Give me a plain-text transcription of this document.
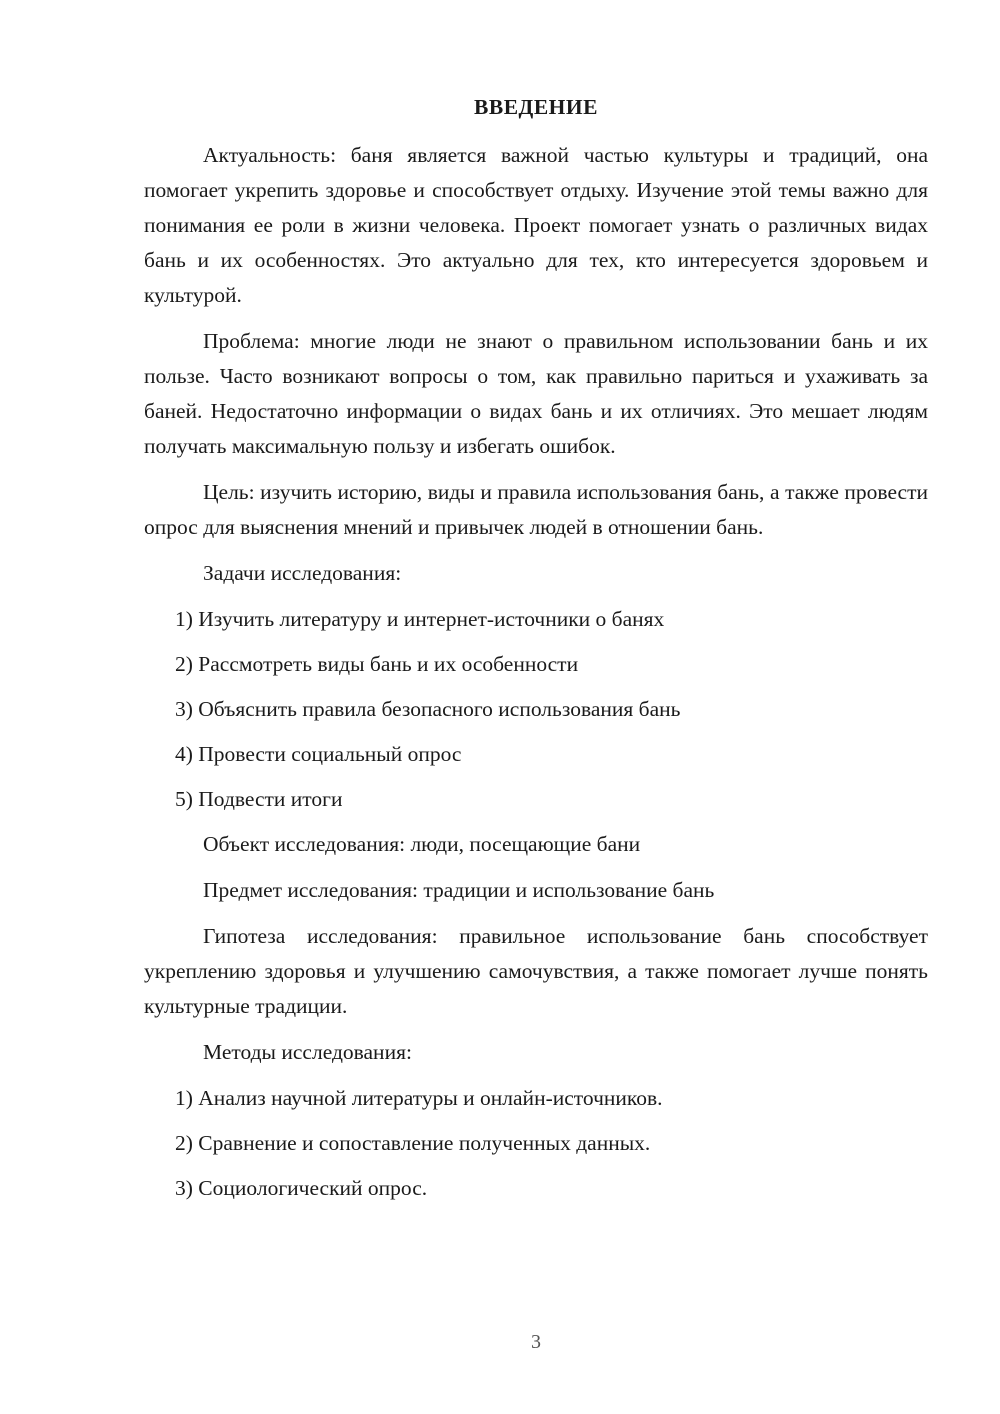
ВВЕДЕНИЕ

Актуальность: баня является важной частью культуры и традиций, она помогает укрепить здоровье и способствует отдыху. Изучение этой темы важно для понимания ее роли в жизни человека. Проект помогает узнать о различных видах бань и их особенностях. Это актуально для тех, кто интересуется здоровьем и культурой.

Проблема: многие люди не знают о правильном использовании бань и их пользе. Часто возникают вопросы о том, как правильно париться и ухаживать за баней. Недостаточно информации о видах бань и их отличиях. Это мешает людям получать максимальную пользу и избегать ошибок.

Цель: изучить историю, виды и правила использования бань, а также провести опрос для выяснения мнений и привычек людей в отношении бань.

Задачи исследования:
1) Изучить литературу и интернет-источники о банях
2) Рассмотреть виды бань и их особенности
3) Объяснить правила безопасного использования бань
4) Провести социальный опрос
5) Подвести итоги
Объект исследования: люди, посещающие бани
Предмет исследования: традиции и использование бань

Гипотеза исследования: правильное использование бань способствует укреплению здоровья и улучшению самочувствия, а также помогает лучше понять культурные традиции.

Методы исследования:
1) Анализ научной литературы и онлайн-источников.
2) Сравнение и сопоставление полученных данных.
3) Социологический опрос.
3
